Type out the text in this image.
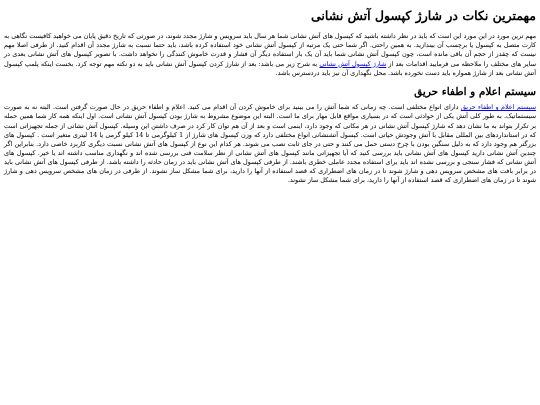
مهمترین نکات در شارژ کپسول آتش نشانی

مهم ترین مورد در این مورد این است که باید در نظر داشته باشید که کپسول های آتش نشانی شما هر سال باید سرویس و شارژ مجدد شوند، در صورتی که تاریخ دقیق پایان می خواهید کافیست نگاهی به کارت متصل به کپسول یا برچسب آن بیندازید. به همین راحتی. اگر شما حتی یک مرتبه از کپسول آتش نشانی خود استفاده کرده باشد، باید حتما نسبت به شارژ مجدد آن اقدام کنید. از طرفی اصلا مهم نیست که چقدر از حجم آن باقی مانده است، چون کپسول آتش نشانی شما باید آن یک بار استفاده دیگر آن فشار و قدرت خاموش کنندگی را نخواهد داشت. با تصویر کپسول های آتش نشانی بعدی در سایر های مختلف را ملاحظه می فرمایید اقدامات بعد از شارژ کپسول آتش نشانی به شرح زیر می باشد: بعد از شارژ کردن کپسول آتش نشانی باید به دو نکته مهم توجه کرد. بخست اینکه پلمپ کپسول آتش نشانی بعد از شارژ همواره باید دست نخورده باشد. محل نگهداری آن نیز باید دردسترس باشد.

سیستم اعلام و اطفاء حریق

سیستم اعلام و اطفاء حریق دارای انواع مختلفی است. چه زمانی که شما آتش را می بینید برای خاموش کردن آن اقدام می کنید. اعلام و اطفاء حریق در حال صورت گرفتن است. البته نه به صورت سیستماتیک. به طور کلی آتش یکی از حوادثی است که در بسیاری مواقع قابل مهار برای ما است. البته این موضوع مشروط به شارژ بودن کپسول آتش نشانی است. اول اینکه همه کار شما همین حمله بر تکرار بتواند به ما نشان دهد که شارژ کپسول آتش نشانی در هر مکانی که وجود دارد، اینمی است و بعد از آن هم توان کار کرد در صرف داشتن این وسیله. کپسول آتش نشانی از جمله تجهیزاتی است که در استانداردهای بین المللی مقابل با آتش وجودش حیاتی است. کپسول آتشنشانی انواع مختلفی دارد که وزن کپسول های شارژ از 1 کیلوگرمی تا 14 کیلو گرمی یا 14 لیتری متغیر است . کپسول های بزرگتر هم وجود دارد که به دلیل سنگین بودن با چرخ دستی حمل می کنند و حتی در جای ثابت نصب می شوند. هر کدام این نوع از کپسول های آتش نشانی نسبت دیگری کاربرد خاصی دارد. بنابراین اگر چندین آتش نشانی دارید کپسول های آتش نشانی باید بررسی کنید که آیا تجهیزاتی مانند کپسول های آتش نشانی از نظر سلامت فنی بررسی شده اند و نگهداری مناسب داشته اند یا خیر. کپسول های آتش نشانی که فشار سنجی و بررسی نشده اند باید برای استفاده مجدد عاملی خطری باشند. از طرفی کپسول های آتش نشانی باید در زمان حادثه را داشته باشد. از طرفی کپسول های آتش نشانی باید در برابر بافت های مشخص سرویس دهی و شارژ شوند تا در زمان های اضطراری که قصد استفاده از آنها را دارید، برای شما مشکل ساز نشوند. از طرفی در زمان های مشخص سرویس دهی و شارژ شوند تا در زمان های اضطراری که قصد استفاده از آنها را دارید، برای شما مشکل ساز نشوند.
